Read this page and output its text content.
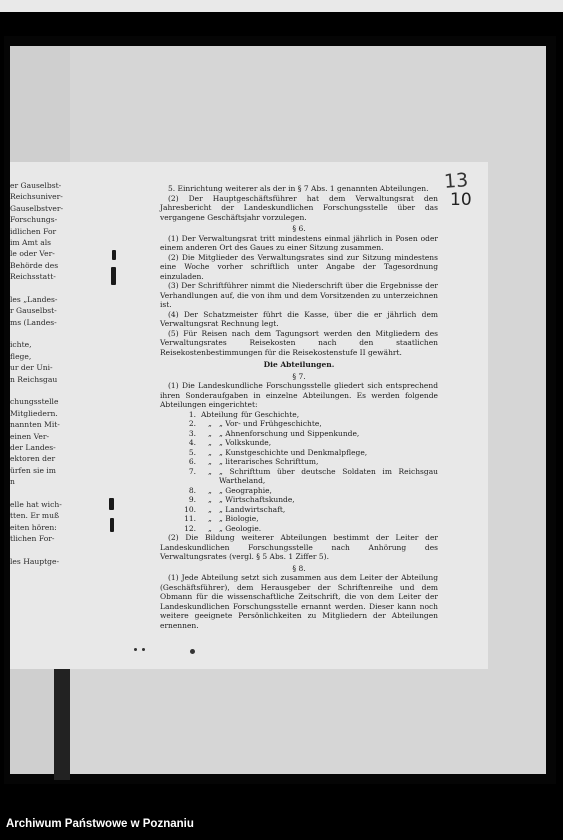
er Gauselbst-
Reichsuniver-
Gauselbstver-
Forschungs-
idlichen For
im Amt als
le oder Ver-
Behörde des
Reichsstatt-
les „Landes-
r Gauselbst-
ms (Landes-
ichte,
flege,
ur der Uni-
n Reichsgau
chungsstelle
Mitgliedern.
nannten Mit-
einen Ver-
der Landes-
ektoren der
ürfen sie im
n
elle hat wich-
tten. Er muß
eiten hören:
tlichen For-
les Hauptge-
13
10

5. Einrichtung weiterer als der in § 7 Abs. 1 genannten Abteilungen.

(2) Der Hauptgeschäftsführer hat dem Verwaltungsrat den Jahresbericht der Landeskundlichen Forschungsstelle über das vergangene Geschäftsjahr vorzulegen.

§ 6.

(1) Der Verwaltungsrat tritt mindestens einmal jährlich in Posen oder einem anderen Ort des Gaues zu einer Sitzung zusammen.

(2) Die Mitglieder des Verwaltungsrates sind zur Sitzung mindestens eine Woche vorher schriftlich unter Angabe der Tagesordnung einzuladen.

(3) Der Schriftführer nimmt die Niederschrift über die Ergebnisse der Verhandlungen auf, die von ihm und dem Vorsitzenden zu unterzeichnen ist.

(4) Der Schatzmeister führt die Kasse, über die er jährlich dem Verwaltungsrat Rechnung legt.

(5) Für Reisen nach dem Tagungsort werden den Mitgliedern des Verwaltungsrates Reisekosten nach den staatlichen Reisekostenbestimmungen für die Reisekostenstufe II gewährt.

Die Abteilungen.

§ 7.

(1) Die Landeskundliche Forschungsstelle gliedert sich entsprechend ihren Sonderaufgaben in einzelne Abteilungen. Es werden folgende Abteilungen eingerichtet:

1. Abteilung für Geschichte,
2.	„ „ Vor- und Frühgeschichte,
3.	„ „ Ahnenforschung und Sippenkunde,
4.	„ „ Volkskunde,
5.	„ „ Kunstgeschichte und Denkmalpflege,
6.	„ „ literarisches Schrifttum,
7.	„ „ Schrifttum über deutsche Soldaten im Reichsgau Wartheland,
8.	„ „ Geographie,
9.	„ „ Wirtschaftskunde,
10.	„ „ Landwirtschaft,
11.	„ „ Biologie,
12.	„ „ Geologie.

(2) Die Bildung weiterer Abteilungen bestimmt der Leiter der Landeskundlichen Forschungsstelle nach Anhörung des Verwaltungsrates (vergl. § 5 Abs. 1 Ziffer 5).

§ 8.

(1) Jede Abteilung setzt sich zusammen aus dem Leiter der Abteilung (Geschäftsführer), dem Herausgeber der Schriftenreihe und dem Obmann für die wissenschaftliche Zeitschrift, die von dem Leiter der Landeskundlichen Forschungsstelle ernannt werden. Dieser kann noch weitere geeignete Persönlichkeiten zu Mitgliedern der Abteilungen ernennen.

Archiwum Państwowe w Poznaniu
